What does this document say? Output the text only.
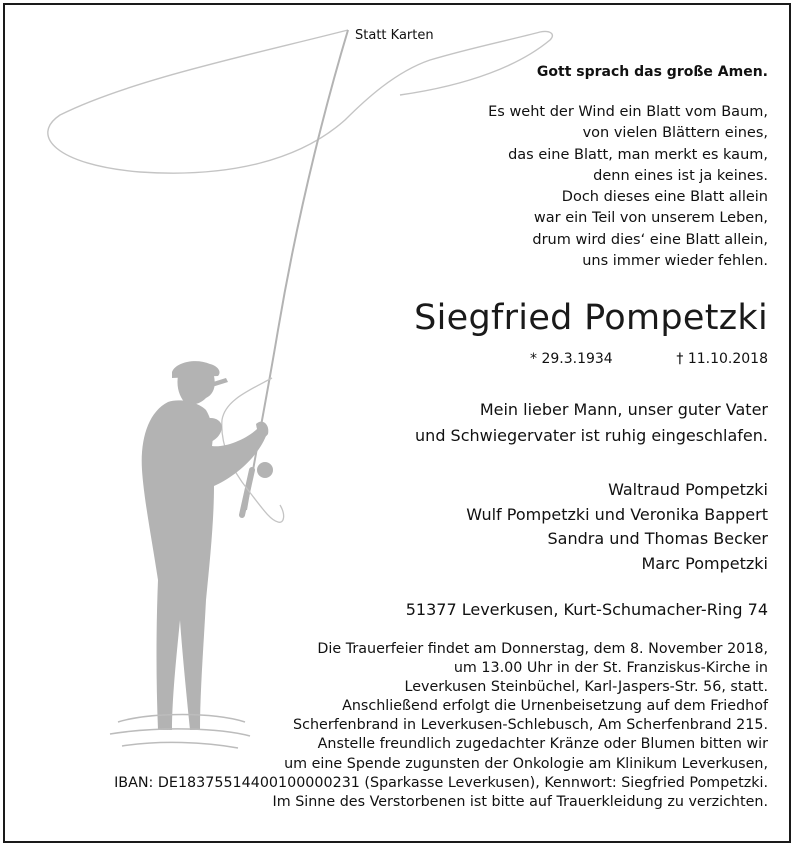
Statt Karten
Gott sprach das große Amen.
Es weht der Wind ein Blatt vom Baum,
von vielen Blättern eines,
das eine Blatt, man merkt es kaum,
denn eines ist ja keines.
Doch dieses eine Blatt allein
war ein Teil von unserem Leben,
drum wird dies‘ eine Blatt allein,
uns immer wieder fehlen.
Siegfried Pompetzki
* 29.3.1934	† 11.10.2018
Mein lieber Mann, unser guter Vater
und Schwiegervater ist ruhig eingeschlafen.
Waltraud Pompetzki
Wulf Pompetzki und Veronika Bappert
Sandra und Thomas Becker
Marc Pompetzki
51377 Leverkusen, Kurt-Schumacher-Ring 74
Die Trauerfeier findet am Donnerstag, dem 8. November 2018,
um 13.00 Uhr in der St. Franziskus-Kirche in
Leverkusen Steinbüchel, Karl-Jaspers-Str. 56, statt.
Anschließend erfolgt die Urnenbeisetzung auf dem Friedhof
Scherfenbrand in Leverkusen-Schlebusch, Am Scherfenbrand 215.
Anstelle freundlich zugedachter Kränze oder Blumen bitten wir
um eine Spende zugunsten der Onkologie am Klinikum Leverkusen,
IBAN: DE18375514400100000231 (Sparkasse Leverkusen), Kennwort: Siegfried Pompetzki.
Im Sinne des Verstorbenen ist bitte auf Trauerkleidung zu verzichten.
